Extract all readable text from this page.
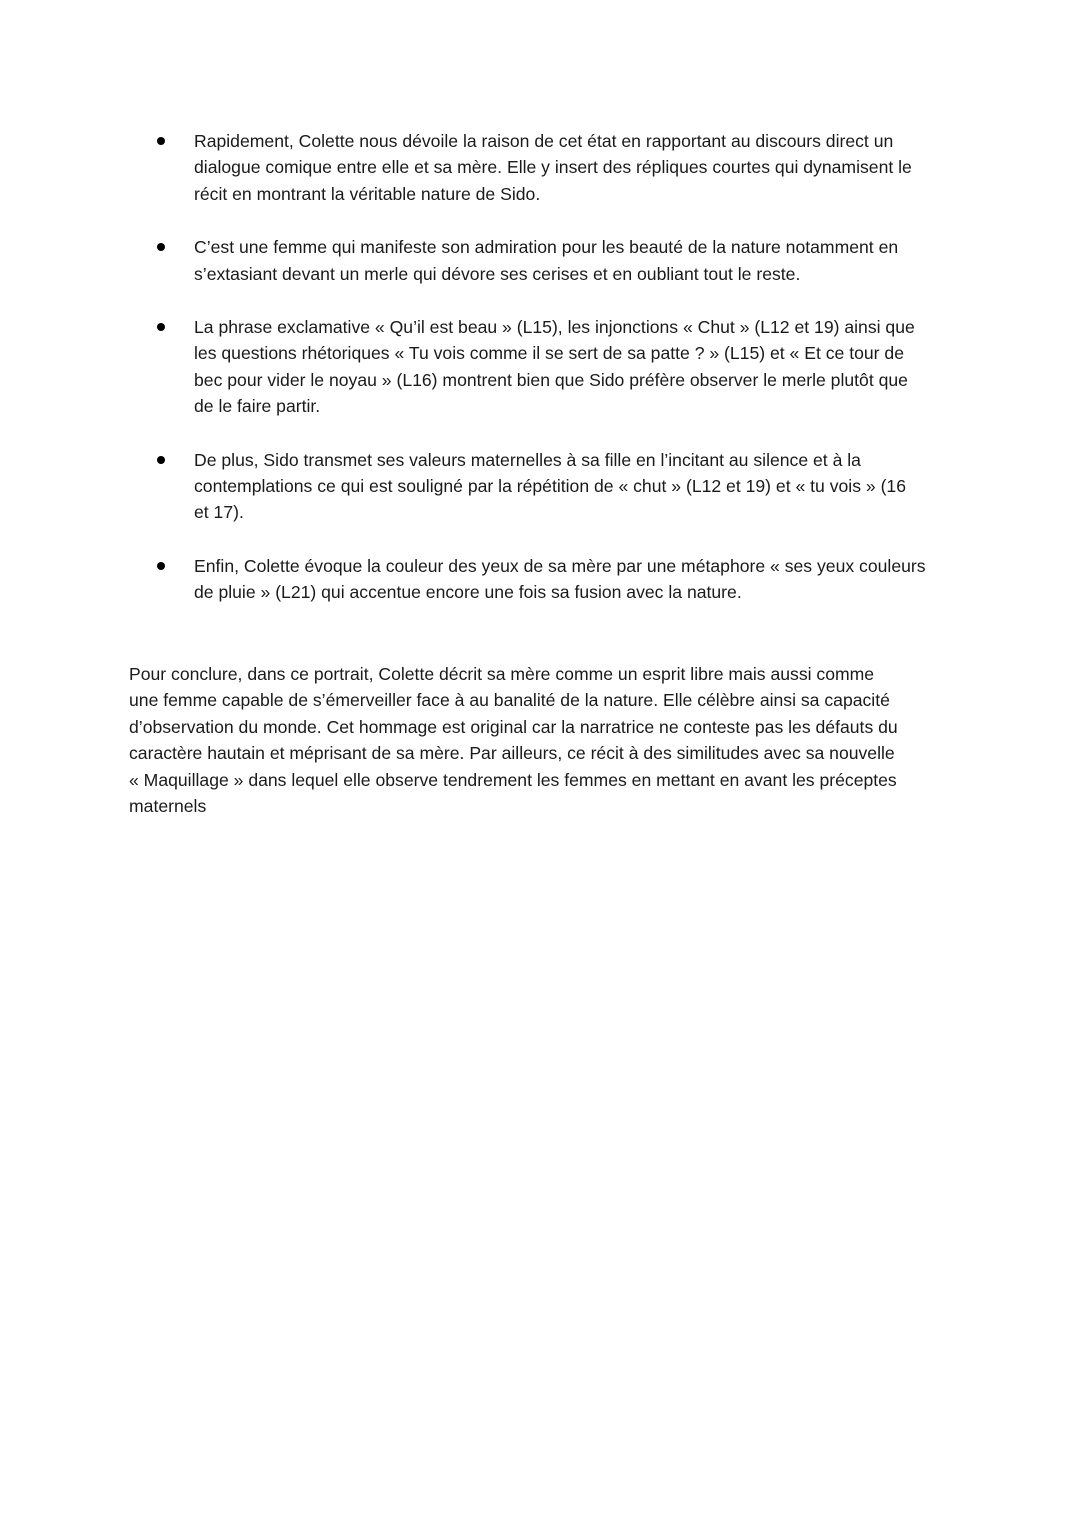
Rapidement, Colette nous dévoile la raison de cet état en rapportant au discours direct un
dialogue comique entre elle et sa mère. Elle y insert des répliques courtes qui dynamisent le
récit en montrant la véritable nature de Sido.
C’est une femme qui manifeste son admiration pour les beauté de la nature notamment en
s’extasiant devant un merle qui dévore ses cerises et en oubliant tout le reste.
La phrase exclamative « Qu’il est beau » (L15), les injonctions « Chut » (L12 et 19) ainsi que
les questions rhétoriques « Tu vois comme il se sert de sa patte ? » (L15) et « Et ce tour de
bec pour vider le noyau » (L16) montrent bien que Sido préfère observer le merle plutôt que
de le faire partir.
De plus, Sido transmet ses valeurs maternelles à sa fille en l’incitant au silence et à la
contemplations ce qui est souligné par la répétition de « chut » (L12 et 19) et « tu vois » (16
et 17).
Enfin, Colette évoque la couleur des yeux de sa mère par une métaphore « ses yeux couleurs
de pluie » (L21) qui accentue encore une fois sa fusion avec la nature.

Pour conclure, dans ce portrait, Colette décrit sa mère comme un esprit libre mais aussi comme
une femme capable de s’émerveiller face à au banalité de la nature. Elle célèbre ainsi sa capacité
d’observation du monde. Cet hommage est original car la narratrice ne conteste pas les défauts du
caractère hautain et méprisant de sa mère. Par ailleurs, ce récit à des similitudes avec sa nouvelle
« Maquillage » dans lequel elle observe tendrement les femmes en mettant en avant les préceptes
maternels
